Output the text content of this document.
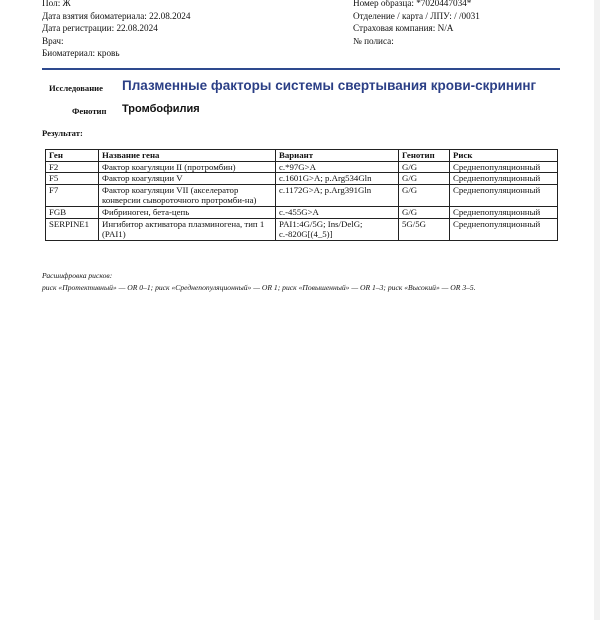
Пол: Ж
Дата взятия биоматериала: 22.08.2024
Дата регистрации: 22.08.2024
Врач:
Биоматериал: кровь
Номер образца: *7020447034*
Отделение / карта / ЛПУ: / /0031
Страховая компания: N/A
№ полиса:
Исследование Плазменные факторы системы свертывания крови-скрининг
Фенотип Тромбофилия
Результат:
Ген	Название гена	Вариант	Генотип	Риск
F2	Фактор коагуляции II (протромбин)	c.*97G>A	G/G	Среднепопуляционный
F5	Фактор коагуляции V	c.1601G>A; p.Arg534Gln	G/G	Среднепопуляционный
F7	Фактор коагуляции VII (акселератор конверсии сывороточного протромби-на)	c.1172G>A; p.Arg391Gln	G/G	Среднепопуляционный
FGB	Фибриноген, бета-цепь	c.-455G>A	G/G	Среднепопуляционный
SERPINE1	Ингибитор активатора плазминогена, тип 1 (PAI1)	PAI1:4G/5G; Ins/DelG; c.-820G[(4_5)]	5G/5G	Среднепопуляционный
Расшифровка рисков:
риск «Протективный» — OR 0–1; риск «Среднепопуляционный» — OR 1; риск «Повышенный» — OR 1–3; риск «Высокий» — OR 3–5.
